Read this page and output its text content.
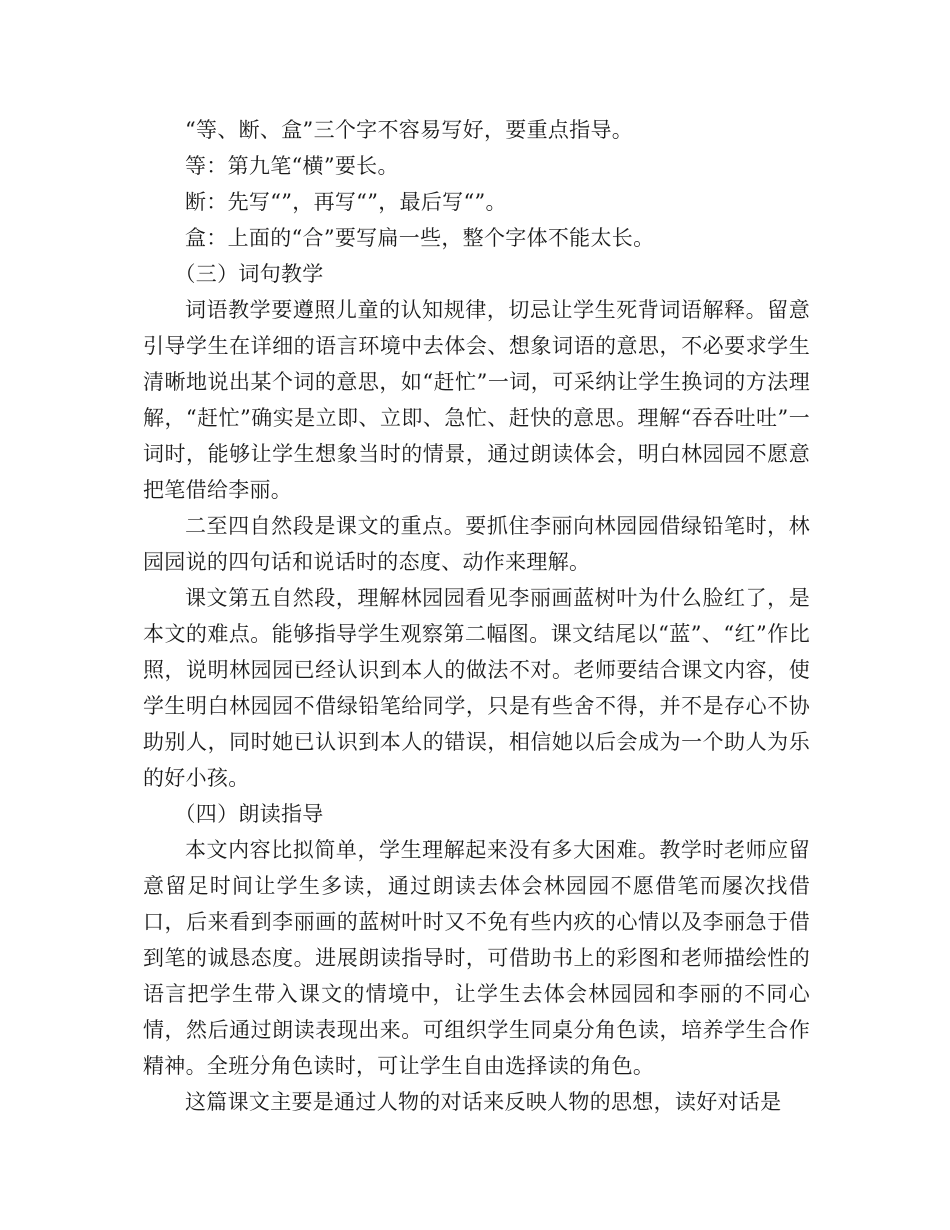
“等、断、盒”三个字不容易写好，要重点指导。

等：第九笔“横”要长。

断：先写“”，再写“”，最后写“”。

盒：上面的“合”要写扁一些，整个字体不能太长。

（三）词句教学

词语教学要遵照儿童的认知规律，切忌让学生死背词语解释。留意引导学生在详细的语言环境中去体会、想象词语的意思，不必要求学生清晰地说出某个词的意思，如“赶忙”一词，可采纳让学生换词的方法理解，“赶忙”确实是立即、立即、急忙、赶快的意思。理解“吞吞吐吐”一词时，能够让学生想象当时的情景，通过朗读体会，明白林园园不愿意把笔借给李丽。

二至四自然段是课文的重点。要抓住李丽向林园园借绿铅笔时，林园园说的四句话和说话时的态度、动作来理解。

课文第五自然段，理解林园园看见李丽画蓝树叶为什么脸红了，是本文的难点。能够指导学生观察第二幅图。课文结尾以“蓝”、“红”作比照，说明林园园已经认识到本人的做法不对。老师要结合课文内容，使学生明白林园园不借绿铅笔给同学，只是有些舍不得，并不是存心不协助别人，同时她已认识到本人的错误，相信她以后会成为一个助人为乐的好小孩。

（四）朗读指导

本文内容比拟简单，学生理解起来没有多大困难。教学时老师应留意留足时间让学生多读，通过朗读去体会林园园不愿借笔而屡次找借口，后来看到李丽画的蓝树叶时又不免有些内疚的心情以及李丽急于借到笔的诚恳态度。进展朗读指导时，可借助书上的彩图和老师描绘性的语言把学生带入课文的情境中，让学生去体会林园园和李丽的不同心情，然后通过朗读表现出来。可组织学生同桌分角色读，培养学生合作精神。全班分角色读时，可让学生自由选择读的角色。

这篇课文主要是通过人物的对话来反映人物的思想，读好对话是
